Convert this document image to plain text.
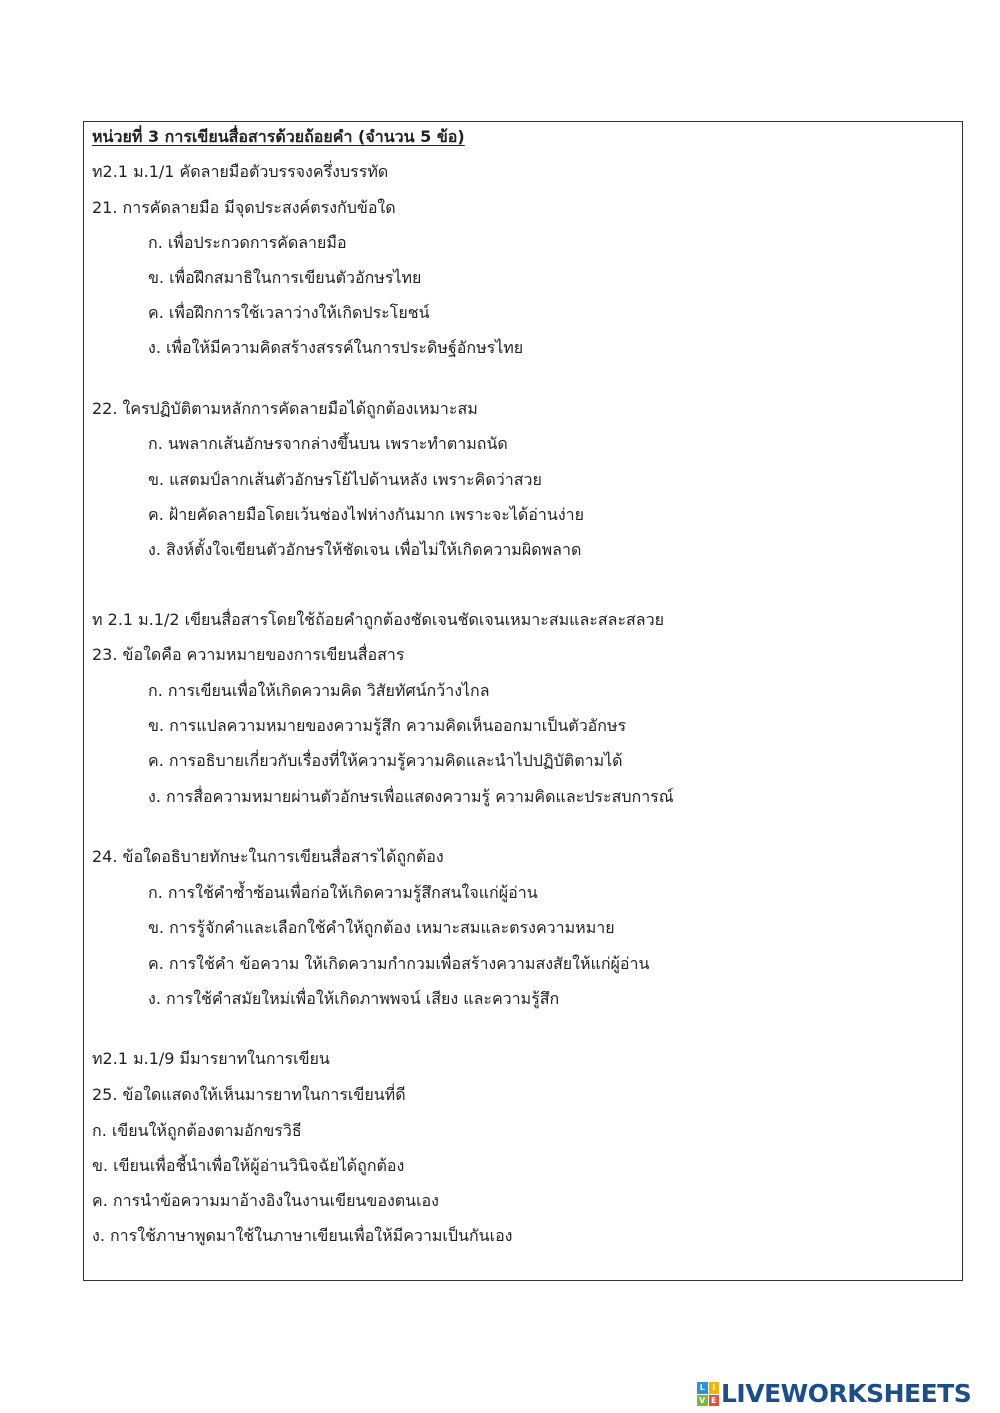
หน่วยที่ 3 การเขียนสื่อสารด้วยถ้อยคำ (จำนวน 5 ข้อ)
ท2.1 ม.1/1 คัดลายมือตัวบรรจงครึ่งบรรทัด
21. การคัดลายมือ มีจุดประสงค์ตรงกับข้อใด
ก. เพื่อประกวดการคัดลายมือ
ข. เพื่อฝึกสมาธิในการเขียนตัวอักษรไทย
ค. เพื่อฝึกการใช้เวลาว่างให้เกิดประโยชน์
ง. เพื่อให้มีความคิดสร้างสรรค์ในการประดิษฐ์อักษรไทย
22. ใครปฏิบัติตามหลักการคัดลายมือได้ถูกต้องเหมาะสม
ก. นพลากเส้นอักษรจากล่างขึ้นบน เพราะทำตามถนัด
ข. แสตมป์ลากเส้นตัวอักษรโย้ไปด้านหลัง เพราะคิดว่าสวย
ค. ฝ้ายคัดลายมือโดยเว้นช่องไฟห่างกันมาก เพราะจะได้อ่านง่าย
ง. สิงห์ตั้งใจเขียนตัวอักษรให้ชัดเจน เพื่อไม่ให้เกิดความผิดพลาด
ท 2.1 ม.1/2 เขียนสื่อสารโดยใช้ถ้อยคำถูกต้องชัดเจนชัดเจนเหมาะสมและสละสลวย
23. ข้อใดคือ ความหมายของการเขียนสื่อสาร
ก. การเขียนเพื่อให้เกิดความคิด วิสัยทัศน์กว้างไกล
ข. การแปลความหมายของความรู้สึก ความคิดเห็นออกมาเป็นตัวอักษร
ค. การอธิบายเกี่ยวกับเรื่องที่ให้ความรู้ความคิดและนำไปปฏิบัติตามได้
ง. การสื่อความหมายผ่านตัวอักษรเพื่อแสดงความรู้ ความคิดและประสบการณ์
24. ข้อใดอธิบายทักษะในการเขียนสื่อสารได้ถูกต้อง
ก. การใช้คำซ้ำซ้อนเพื่อก่อให้เกิดความรู้สึกสนใจแก่ผู้อ่าน
ข. การรู้จักคำและเลือกใช้คำให้ถูกต้อง เหมาะสมและตรงความหมาย
ค. การใช้คำ ข้อความ ให้เกิดความกำกวมเพื่อสร้างความสงสัยให้แก่ผู้อ่าน
ง. การใช้คำสมัยใหม่เพื่อให้เกิดภาพพจน์ เสียง และความรู้สึก
ท2.1 ม.1/9 มีมารยาทในการเขียน
25. ข้อใดแสดงให้เห็นมารยาทในการเขียนที่ดี
ก. เขียนให้ถูกต้องตามอักขรวิธี
ข. เขียนเพื่อชี้นำเพื่อให้ผู้อ่านวินิจฉัยได้ถูกต้อง
ค. การนำข้อความมาอ้างอิงในงานเขียนของตนเอง
ง. การใช้ภาษาพูดมาใช้ในภาษาเขียนเพื่อให้มีความเป็นกันเอง
L I
V E LIVEWORKSHEETS
